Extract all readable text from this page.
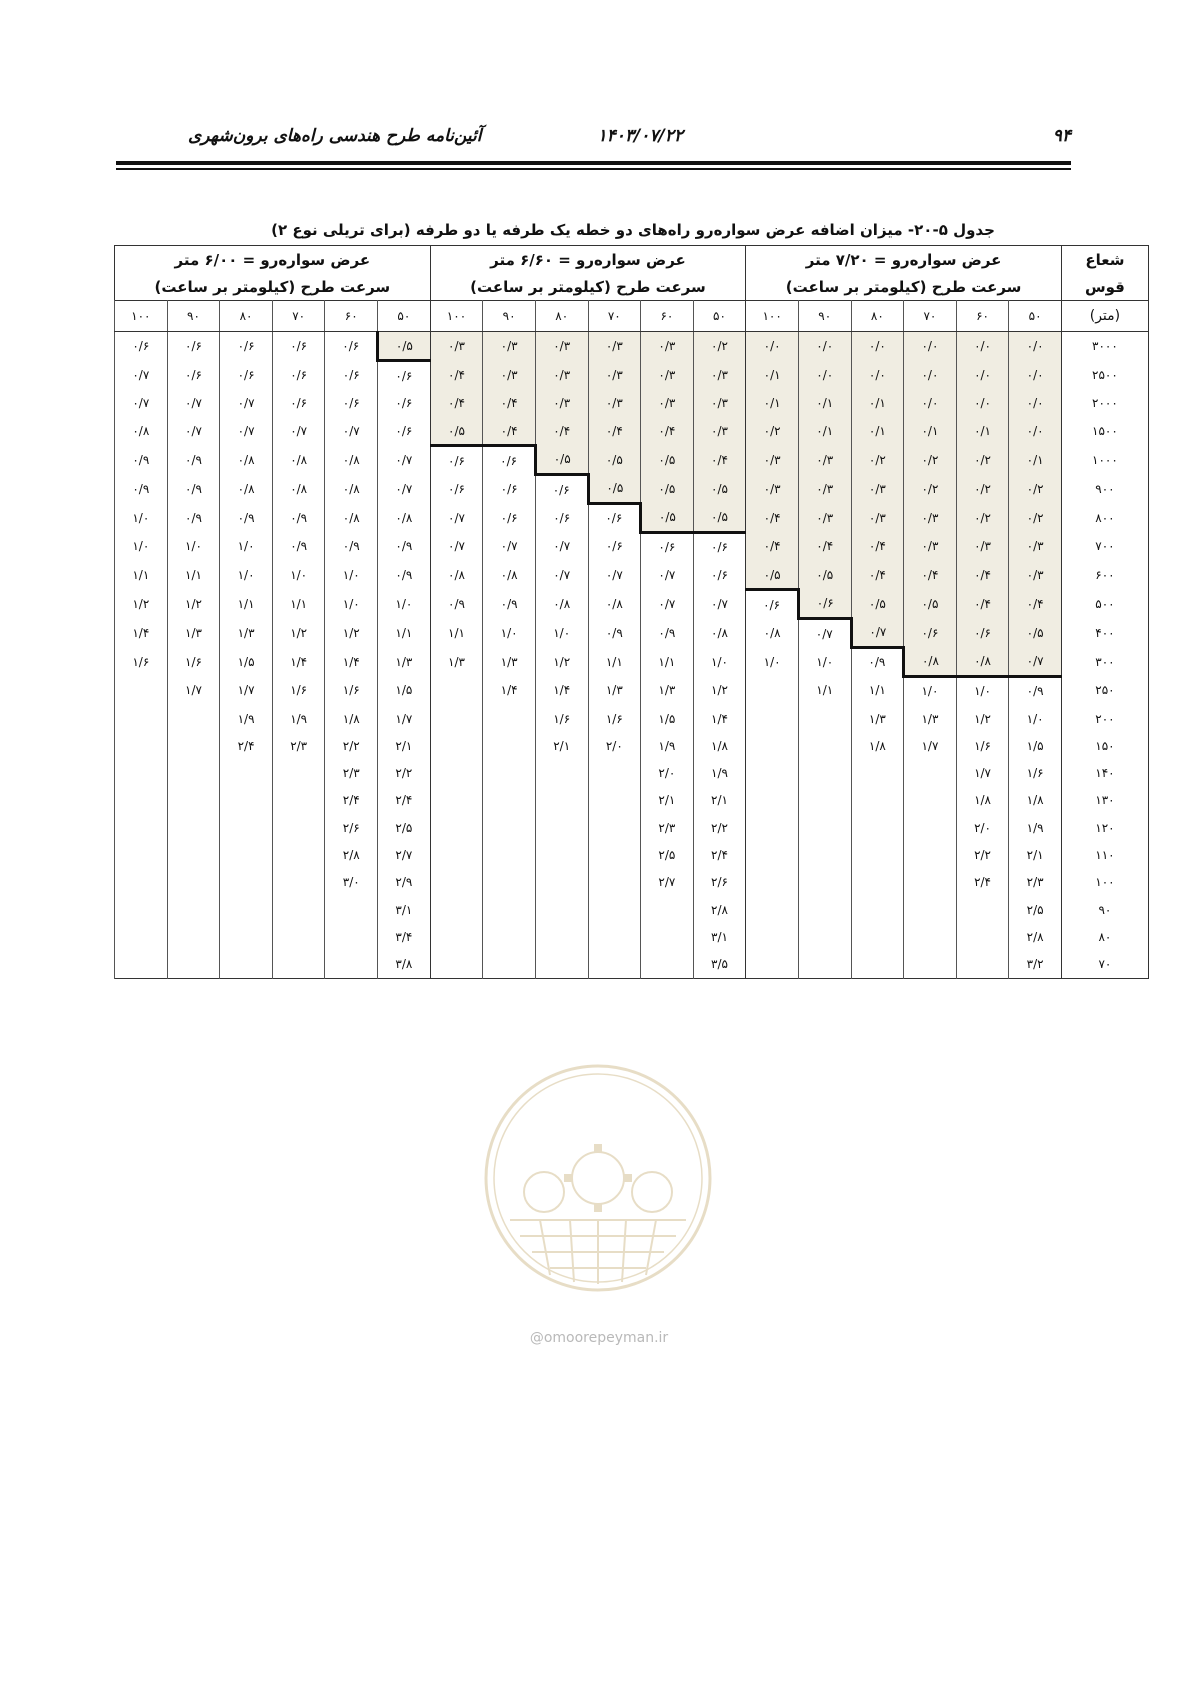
۹۴
۱۴۰۳/۰۷/۲۲
آئین‌نامه طرح هندسی راه‌های برون‌شهری
جدول ۵-۲۰- میزان اضافه عرض سواره‌رو راه‌های دو خطه یک طرفه یا دو طرفه (برای تریلی نوع ۲)
شعاع	عرض سواره‌رو = ۷/۲۰ متر						عرض سواره‌رو = ۶/۶۰ متر						عرض سواره‌رو = ۶/۰۰ متر					
قوس	سرعت طرح (کیلومتر بر ساعت)						سرعت طرح (کیلومتر بر ساعت)						سرعت طرح (کیلومتر بر ساعت)					
(متر)	۵۰	۶۰	۷۰	۸۰	۹۰	۱۰۰	۵۰	۶۰	۷۰	۸۰	۹۰	۱۰۰	۵۰	۶۰	۷۰	۸۰	۹۰	۱۰۰
۳۰۰۰	۰/۰	۰/۰	۰/۰	۰/۰	۰/۰	۰/۰	۰/۲	۰/۳	۰/۳	۰/۳	۰/۳	۰/۳	۰/۵	۰/۶	۰/۶	۰/۶	۰/۶	۰/۶
۲۵۰۰	۰/۰	۰/۰	۰/۰	۰/۰	۰/۰	۰/۱	۰/۳	۰/۳	۰/۳	۰/۳	۰/۳	۰/۴	۰/۶	۰/۶	۰/۶	۰/۶	۰/۶	۰/۷
۲۰۰۰	۰/۰	۰/۰	۰/۰	۰/۱	۰/۱	۰/۱	۰/۳	۰/۳	۰/۳	۰/۳	۰/۴	۰/۴	۰/۶	۰/۶	۰/۶	۰/۷	۰/۷	۰/۷
۱۵۰۰	۰/۰	۰/۱	۰/۱	۰/۱	۰/۱	۰/۲	۰/۳	۰/۴	۰/۴	۰/۴	۰/۴	۰/۵	۰/۶	۰/۷	۰/۷	۰/۷	۰/۷	۰/۸
۱۰۰۰	۰/۱	۰/۲	۰/۲	۰/۲	۰/۳	۰/۳	۰/۴	۰/۵	۰/۵	۰/۵	۰/۶	۰/۶	۰/۷	۰/۸	۰/۸	۰/۸	۰/۹	۰/۹
۹۰۰	۰/۲	۰/۲	۰/۲	۰/۳	۰/۳	۰/۳	۰/۵	۰/۵	۰/۵	۰/۶	۰/۶	۰/۶	۰/۷	۰/۸	۰/۸	۰/۸	۰/۹	۰/۹
۸۰۰	۰/۲	۰/۲	۰/۳	۰/۳	۰/۳	۰/۴	۰/۵	۰/۵	۰/۶	۰/۶	۰/۶	۰/۷	۰/۸	۰/۸	۰/۹	۰/۹	۰/۹	۱/۰
۷۰۰	۰/۳	۰/۳	۰/۳	۰/۴	۰/۴	۰/۴	۰/۶	۰/۶	۰/۶	۰/۷	۰/۷	۰/۷	۰/۹	۰/۹	۰/۹	۱/۰	۱/۰	۱/۰
۶۰۰	۰/۳	۰/۴	۰/۴	۰/۴	۰/۵	۰/۵	۰/۶	۰/۷	۰/۷	۰/۷	۰/۸	۰/۸	۰/۹	۱/۰	۱/۰	۱/۰	۱/۱	۱/۱
۵۰۰	۰/۴	۰/۴	۰/۵	۰/۵	۰/۶	۰/۶	۰/۷	۰/۷	۰/۸	۰/۸	۰/۹	۰/۹	۱/۰	۱/۰	۱/۱	۱/۱	۱/۲	۱/۲
۴۰۰	۰/۵	۰/۶	۰/۶	۰/۷	۰/۷	۰/۸	۰/۸	۰/۹	۰/۹	۱/۰	۱/۰	۱/۱	۱/۱	۱/۲	۱/۲	۱/۳	۱/۳	۱/۴
۳۰۰	۰/۷	۰/۸	۰/۸	۰/۹	۱/۰	۱/۰	۱/۰	۱/۱	۱/۱	۱/۲	۱/۳	۱/۳	۱/۳	۱/۴	۱/۴	۱/۵	۱/۶	۱/۶
۲۵۰	۰/۹	۱/۰	۱/۰	۱/۱	۱/۱		۱/۲	۱/۳	۱/۳	۱/۴	۱/۴		۱/۵	۱/۶	۱/۶	۱/۷	۱/۷	
۲۰۰	۱/۰	۱/۲	۱/۳	۱/۳			۱/۴	۱/۵	۱/۶	۱/۶			۱/۷	۱/۸	۱/۹	۱/۹		
۱۵۰	۱/۵	۱/۶	۱/۷	۱/۸			۱/۸	۱/۹	۲/۰	۲/۱			۲/۱	۲/۲	۲/۳	۲/۴		
۱۴۰	۱/۶	۱/۷					۱/۹	۲/۰					۲/۲	۲/۳				
۱۳۰	۱/۸	۱/۸					۲/۱	۲/۱					۲/۴	۲/۴				
۱۲۰	۱/۹	۲/۰					۲/۲	۲/۳					۲/۵	۲/۶				
۱۱۰	۲/۱	۲/۲					۲/۴	۲/۵					۲/۷	۲/۸				
۱۰۰	۲/۳	۲/۴					۲/۶	۲/۷					۲/۹	۳/۰				
۹۰	۲/۵						۲/۸						۳/۱					
۸۰	۲/۸						۳/۱						۳/۴					
۷۰	۳/۲						۳/۵						۳/۸					
@omoorepeyman.ir
